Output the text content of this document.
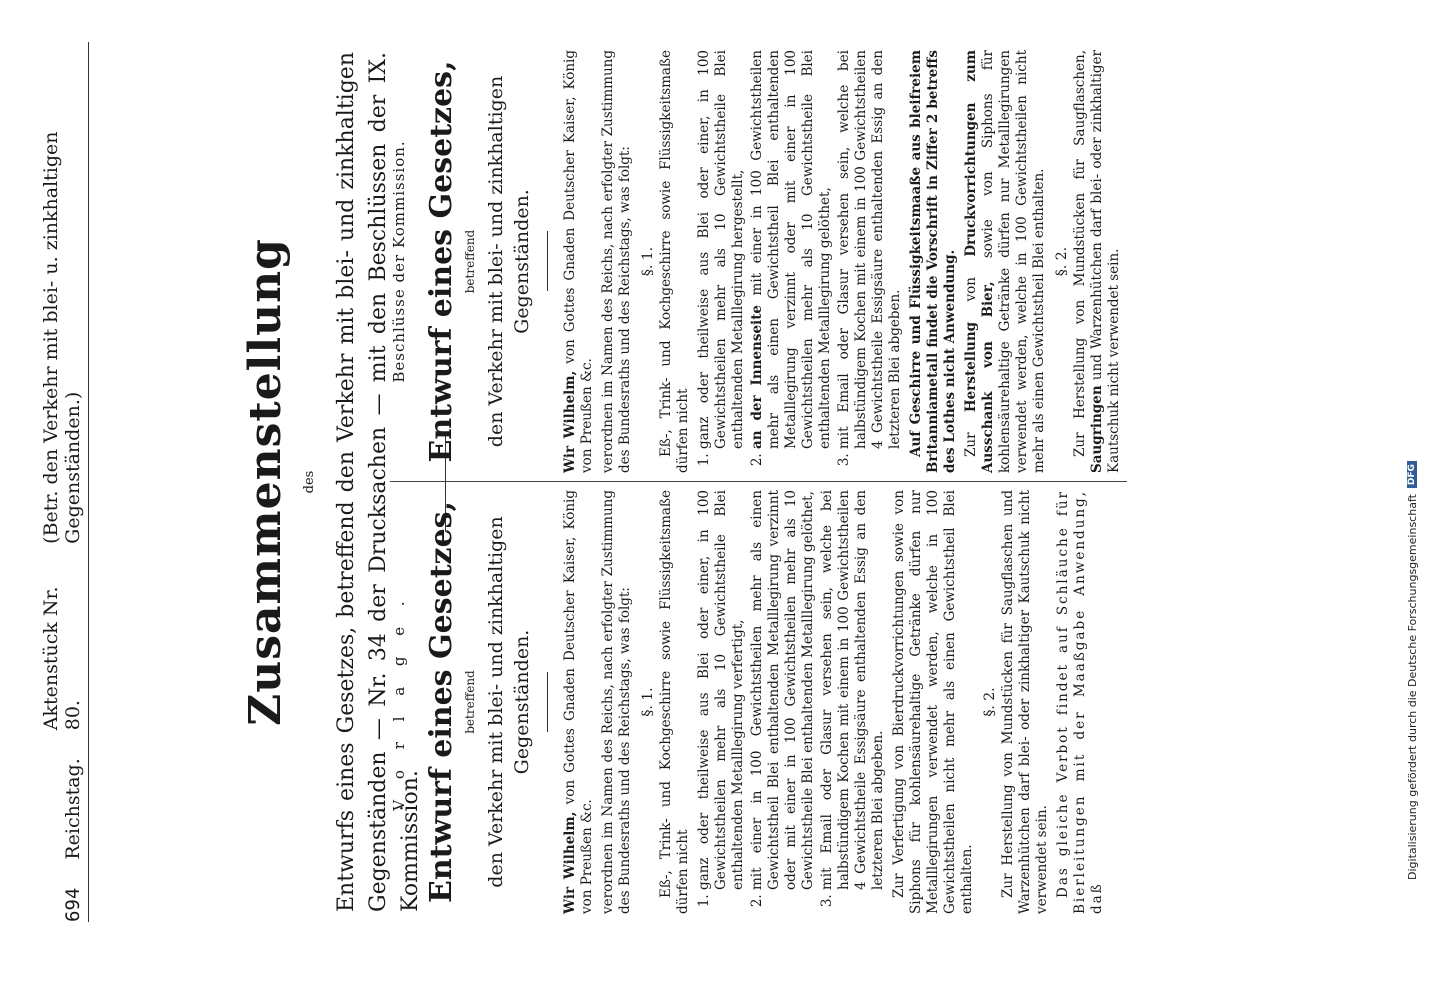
694
Reichstag.
Aktenstück Nr. 80.
(Betr. den Verkehr mit blei- u. zinkhaltigen Gegenständen.)	Zusammenstellung des Entwurfs eines Gesetzes, betreffend den Verkehr mit blei- und zinkhaltigen Gegenständen — Nr. 34 der Drucksachen — mit den Beschlüssen der IX. Kommission.

V o r l a g e . Entwurf eines Gesetzes, betreffend den Verkehr mit blei- und zinkhaltigen Gegenständen.

Wir Wilhelm, von Gottes Gnaden Deutscher Kaiser, König von Preußen &c. verordnen im Namen des Reichs, nach erfolgter Zustimmung des Bundesraths und des Reichstags, was folgt: §. 1. Eß-, Trink- und Kochgeschirre sowie Flüssigkeitsmaße dürfen nicht 1. ganz oder theilweise aus Blei oder einer, in 100 Gewichtstheilen mehr als 10 Gewichtstheile Blei enthaltenden Metalllegirung verfertigt, 2. mit einer in 100 Gewichtstheilen mehr als einen Gewichtstheil Blei enthaltenden Metalllegirung verzinnt oder mit einer in 100 Gewichtstheilen mehr als 10 Gewichtstheile Blei enthaltenden Metalllegirung gelöthet, 3. mit Email oder Glasur versehen sein, welche bei halbstündigem Kochen mit einem in 100 Gewichtstheilen 4 Gewichtstheile Essigsäure enthaltenden Essig an den letzteren Blei abgeben. Zur Verfertigung von Bierdruckvorrichtungen sowie von Siphons für kohlensäurehaltige Getränke dürfen nur Metalllegirungen verwendet werden, welche in 100 Gewichtstheilen nicht mehr als einen Gewichtstheil Blei enthalten.

§. 2. Zur Herstellung von Mundstücken für Saugflaschen und Warzenhütchen darf blei- oder zinkhaltiger Kautschuk nicht verwendet sein. Das gleiche Verbot findet auf Schläuche für Bierleitungen mit der Maaßgabe Anwendung, daß

Beschlüsse der Kommission. Entwurf eines Gesetzes, betreffend den Verkehr mit blei- und zinkhaltigen Gegenständen.

Wir Wilhelm, von Gottes Gnaden Deutscher Kaiser, König von Preußen &c. verordnen im Namen des Reichs, nach erfolgter Zustimmung des Bundesraths und des Reichstags, was folgt: §. 1. Eß-, Trink- und Kochgeschirre sowie Flüssigkeitsmaße dürfen nicht 1. ganz oder theilweise aus Blei oder einer, in 100 Gewichtstheilen mehr als 10 Gewichtstheile Blei enthaltenden Metalllegirung hergestellt, 2. an der Innenseite mit einer in 100 Gewichtstheilen mehr als einen Gewichtstheil Blei enthaltenden Metalllegirung verzinnt oder mit einer in 100 Gewichtstheilen mehr als 10 Gewichtstheile Blei enthaltenden Metalllegirung gelöthet, 3. mit Email oder Glasur versehen sein, welche bei halbstündigem Kochen mit einem in 100 Gewichtstheilen 4 Gewichtstheile Essigsäure enthaltenden Essig an den letzteren Blei abgeben. Auf Geschirre und Flüssigkeitsmaaße aus bleifreiem Britanniametall findet die Vorschrift in Ziffer 2 betreffs des Lothes nicht Anwendung. Zur Herstellung von Druckvorrichtungen zum Ausschank von Bier, sowie von Siphons für kohlensäurehaltige Getränke dürfen nur Metalllegirungen verwendet werden, welche in 100 Gewichtstheilen nicht mehr als einen Gewichtstheil Blei enthalten. §. 2. Zur Herstellung von Mundstücken für Saugflaschen, Saugringen und Warzenhütchen darf blei- oder zinkhaltiger Kautschuk nicht verwendet sein.

Digitalisierung gefördert durch die Deutsche Forschungsgemeinschaft
DFG
